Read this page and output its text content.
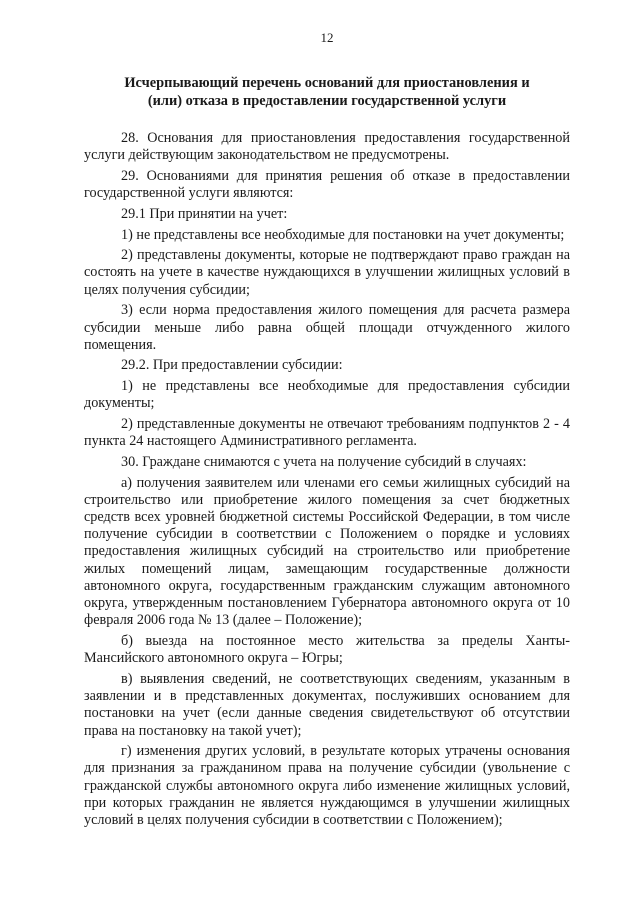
12
Исчерпывающий перечень оснований для приостановления и
(или) отказа в предоставлении государственной услуги

28. Основания для приостановления предоставления государственной услуги действующим законодательством не предусмотрены.

29. Основаниями для принятия решения об отказе в предоставлении государственной услуги являются:

29.1 При принятии на учет:

1) не представлены все необходимые для постановки на учет документы;

2) представлены документы, которые не подтверждают право граждан на состоять на учете в качестве нуждающихся в улучшении жилищных условий в целях получения субсидии;

3) если норма предоставления жилого помещения для расчета размера субсидии меньше либо равна общей площади отчужденного жилого помещения.

29.2. При предоставлении субсидии:

1) не представлены все необходимые для предоставления субсидии документы;

2) представленные документы не отвечают требованиям подпунктов 2 - 4 пункта 24 настоящего Административного регламента.

30. Граждане снимаются с учета на получение субсидий в случаях:

а) получения заявителем или членами его семьи жилищных субсидий на строительство или приобретение жилого помещения за счет бюджетных средств всех уровней бюджетной системы Российской Федерации, в том числе получение субсидии в соответствии с Положением о порядке и условиях предоставления жилищных субсидий на строительство или приобретение жилых помещений лицам, замещающим государственные должности автономного округа, государственным гражданским служащим автономного округа, утвержденным постановлением Губернатора автономного округа от 10 февраля 2006 года № 13 (далее – Положение);

б) выезда на постоянное место жительства за пределы Ханты-Мансийского автономного округа – Югры;

в) выявления сведений, не соответствующих сведениям, указанным в заявлении и в представленных документах, послуживших основанием для постановки на учет (если данные сведения свидетельствуют об отсутствии права на постановку на такой учет);

г) изменения других условий, в результате которых утрачены основания для признания за гражданином права на получение субсидии (увольнение с гражданской службы автономного округа либо изменение жилищных условий, при которых гражданин не является нуждающимся в улучшении жилищных условий в целях получения субсидии в соответствии с Положением);
